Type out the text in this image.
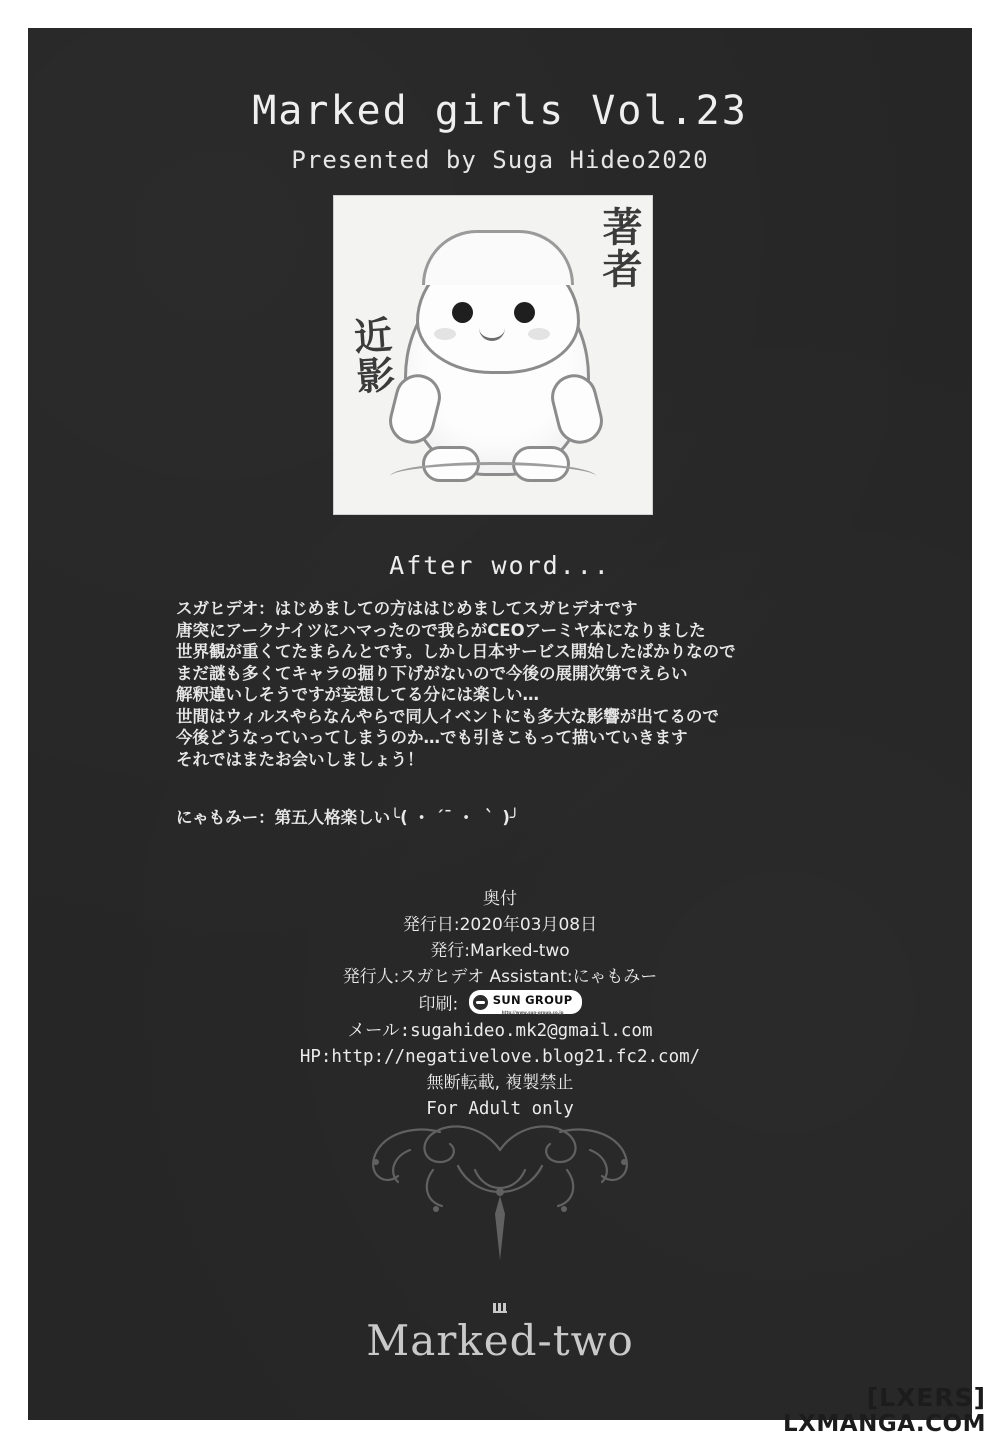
Marked girls Vol.23
Presented by Suga Hideo2020
著者
近影
After word...
スガヒデオ：はじめましての方ははじめましてスガヒデオです
唐突にアークナイツにハマったので我らがCEOアーミヤ本になりました
世界観が重くてたまらんとです。しかし日本サービス開始したばかりなので
まだ謎も多くてキャラの掘り下げがないので今後の展開次第でえらい
解釈違いしそうですが妄想してる分には楽しい…
世間はウィルスやらなんやらで同人イベントにも多大な影響が出てるので
今後どうなっていってしまうのか…でも引きこもって描いていきます
それではまたお会いしましょう！
にゃもみー：第五人格楽しい╰( ・ ´¯ ・ ｀ )╯
奥付
発行日:2020年03月08日
発行:Marked-two
発行人:スガヒデオ Assistant:にゃもみー
印刷:	SUN GROUP
http://www.sun-group.co.jp
メール:sugahideo.mk2@gmail.com
HP:http://negativelove.blog21.fc2.com/
無断転載, 複製禁止
For Adult only
Marked-two
[LXERS]
LXMANGA.COM
